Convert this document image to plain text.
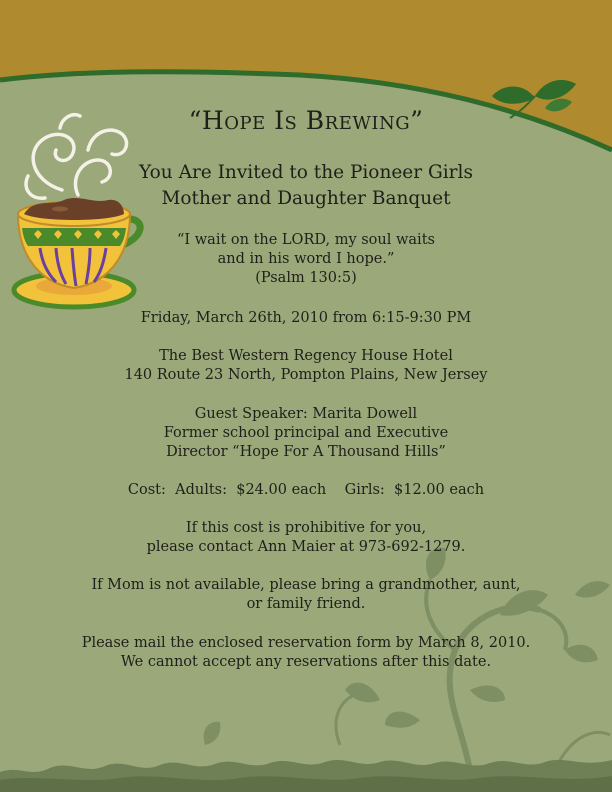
“Hope Is Brewing”
You Are Invited to the Pioneer Girls
Mother and Daughter Banquet
“I wait on the LORD, my soul waits
and in his word I hope.”
(Psalm 130:5)
Friday, March 26th, 2010 from 6:15-9:30 PM
The Best Western Regency House Hotel
140 Route 23 North, Pompton Plains, New Jersey
Guest Speaker: Marita Dowell
Former school principal and Executive
Director “Hope For A Thousand Hills”
Cost:  Adults:  $24.00 each    Girls:  $12.00 each
If this cost is prohibitive for you,
please contact Ann Maier at 973-692-1279.
If Mom is not available, please bring a grandmother, aunt,
or family friend.
Please mail the enclosed reservation form by March 8, 2010.
We cannot accept any reservations after this date.
